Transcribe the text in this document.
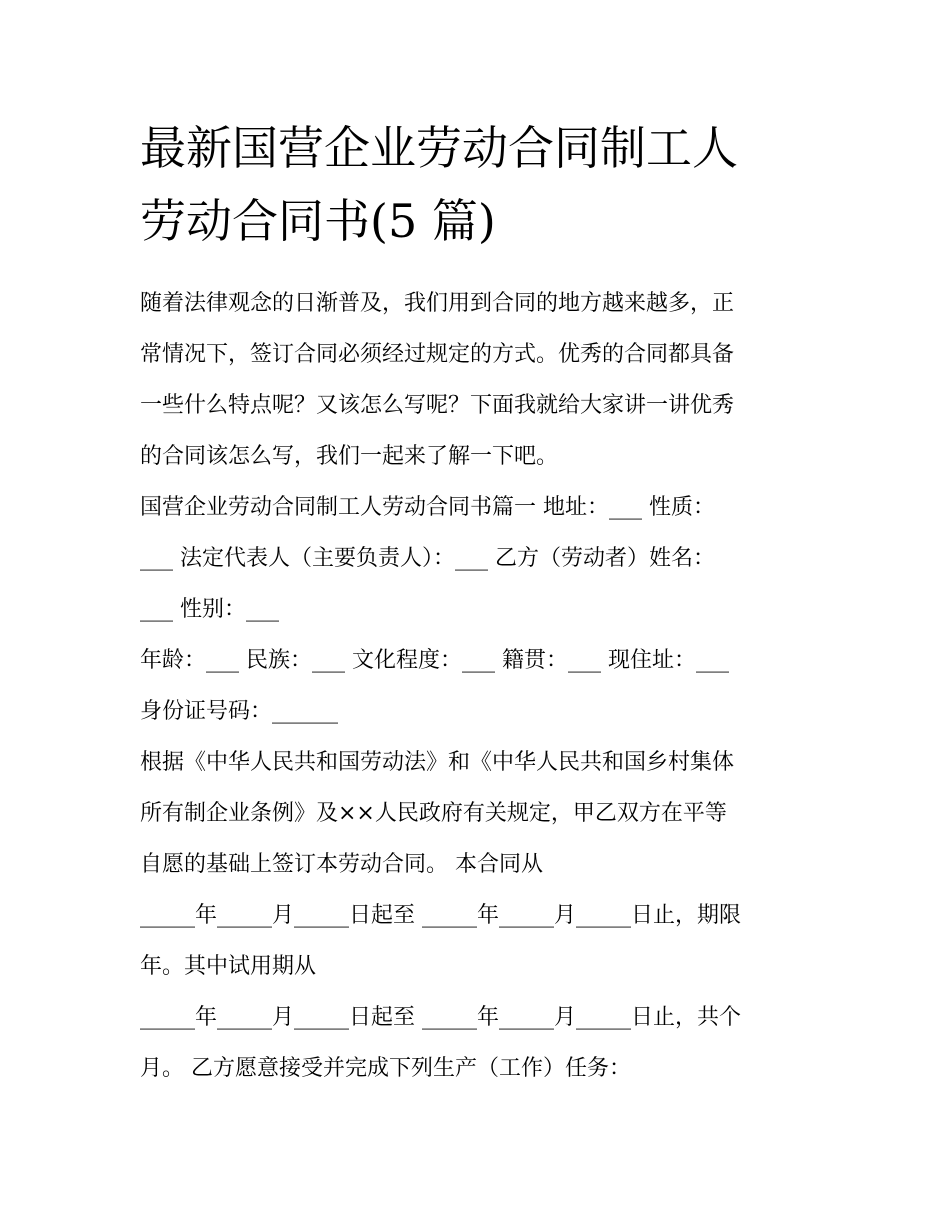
最新国营企业劳动合同制工人
劳动合同书(5 篇)
随着法律观念的日渐普及，我们用到合同的地方越来越多，正
常情况下，签订合同必须经过规定的方式。优秀的合同都具备
一些什么特点呢？又该怎么写呢？下面我就给大家讲一讲优秀
的合同该怎么写，我们一起来了解一下吧。
国营企业劳动合同制工人劳动合同书篇一 地址：___ 性质：
___ 法定代表人（主要负责人）：___ 乙方（劳动者）姓名：
___ 性别：___
年龄：___ 民族：___ 文化程度：___ 籍贯：___ 现住址：___
身份证号码：______
根据《中华人民共和国劳动法》和《中华人民共和国乡村集体
所有制企业条例》及××人民政府有关规定，甲乙双方在平等
自愿的基础上签订本劳动合同。 本合同从
_____年_____月_____日起至 _____年_____月_____日止，期限
年。其中试用期从
_____年_____月_____日起至 _____年_____月_____日止，共个
月。 乙方愿意接受并完成下列生产（工作）任务：
